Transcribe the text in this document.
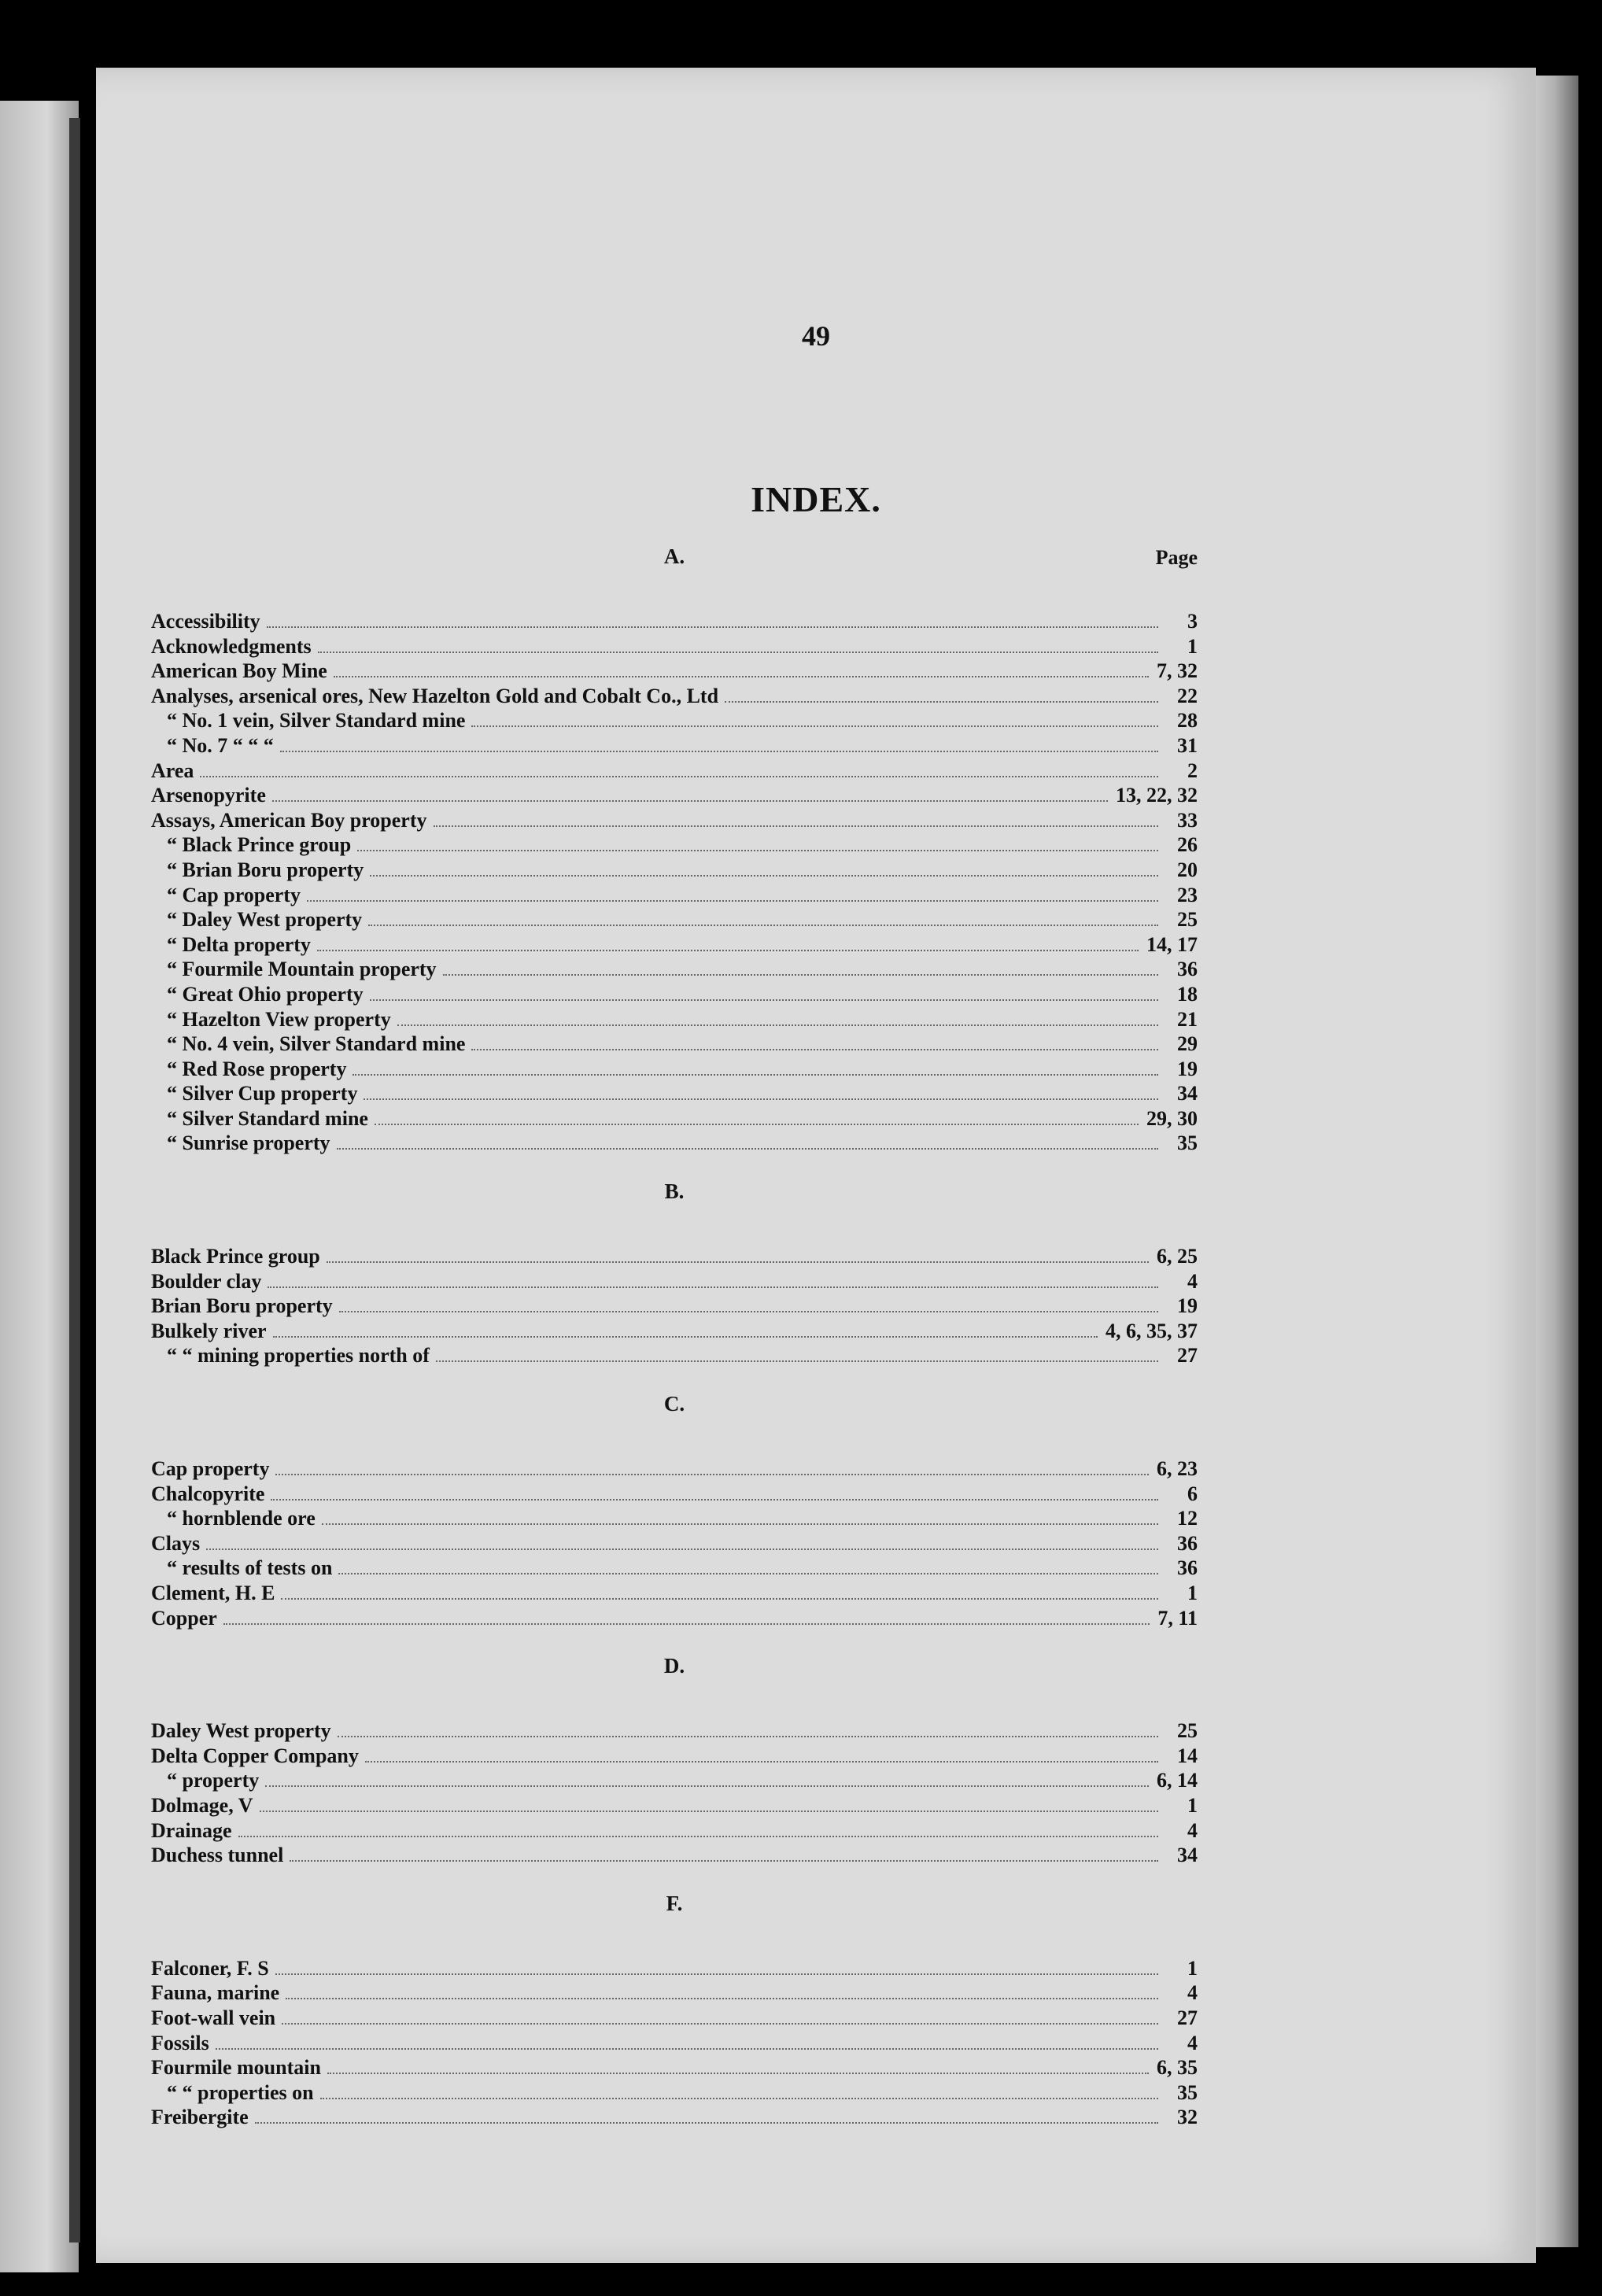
49
INDEX.
A.	Page
Accessibility	3
Acknowledgments	1
American Boy Mine	7, 32
Analyses, arsenical ores, New Hazelton Gold and Cobalt Co., Ltd	22
“ No. 1 vein, Silver Standard mine	28
“ No. 7 “ “ “	31
Area	2
Arsenopyrite	13, 22, 32
Assays, American Boy property	33
“ Black Prince group	26
“ Brian Boru property	20
“ Cap property	23
“ Daley West property	25
“ Delta property	14, 17
“ Fourmile Mountain property	36
“ Great Ohio property	18
“ Hazelton View property	21
“ No. 4 vein, Silver Standard mine	29
“ Red Rose property	19
“ Silver Cup property	34
“ Silver Standard mine	29, 30
“ Sunrise property	35
B.
Black Prince group	6, 25
Boulder clay	4
Brian Boru property	19
Bulkely river	4, 6, 35, 37
“ “ mining properties north of	27
C.
Cap property	6, 23
Chalcopyrite	6
“ hornblende ore	12
Clays	36
“ results of tests on	36
Clement, H. E	1
Copper	7, 11
D.
Daley West property	25
Delta Copper Company	14
“ property	6, 14
Dolmage, V	1
Drainage	4
Duchess tunnel	34
F.
Falconer, F. S	1
Fauna, marine	4
Foot-wall vein	27
Fossils	4
Fourmile mountain	6, 35
“ “ properties on	35
Freibergite	32
